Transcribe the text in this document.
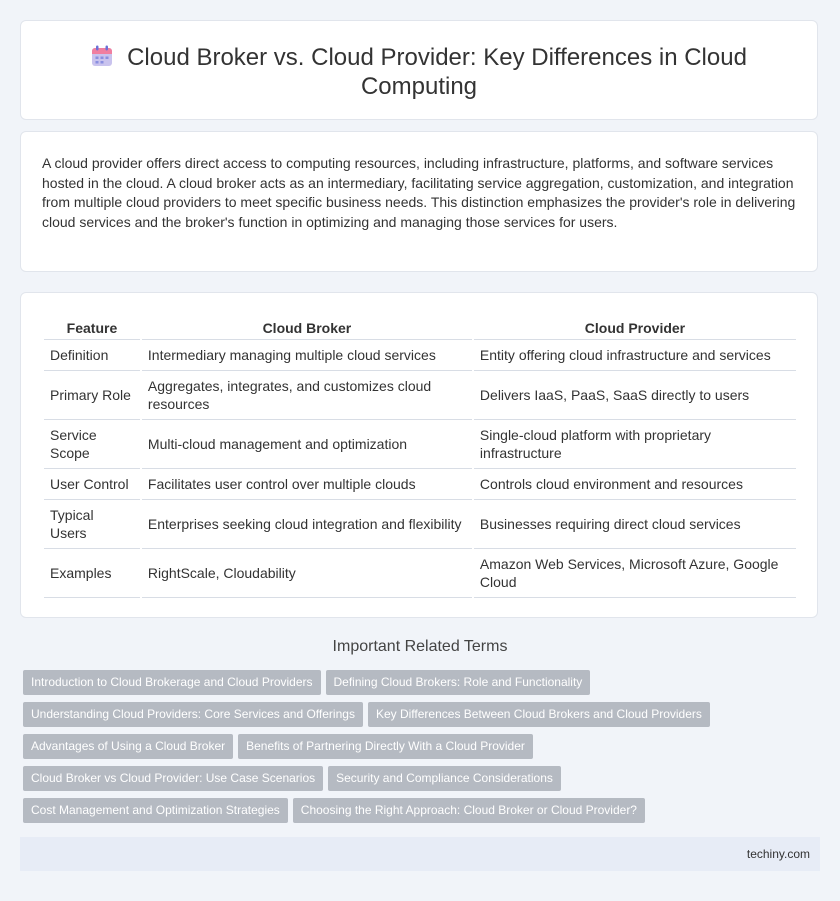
Cloud Broker vs. Cloud Provider: Key Differences in Cloud Computing

A cloud provider offers direct access to computing resources, including infrastructure, platforms, and software services hosted in the cloud. A cloud broker acts as an intermediary, facilitating service aggregation, customization, and integration from multiple cloud providers to meet specific business needs. This distinction emphasizes the provider's role in delivering cloud services and the broker's function in optimizing and managing those services for users.

Feature	Cloud Broker	Cloud Provider
Definition	Intermediary managing multiple cloud services	Entity offering cloud infrastructure and services
Primary Role	Aggregates, integrates, and customizes cloud resources	Delivers IaaS, PaaS, SaaS directly to users
Service Scope	Multi-cloud management and optimization	Single-cloud platform with proprietary infrastructure
User Control	Facilitates user control over multiple clouds	Controls cloud environment and resources
Typical Users	Enterprises seeking cloud integration and flexibility	Businesses requiring direct cloud services
Examples	RightScale, Cloudability	Amazon Web Services, Microsoft Azure, Google Cloud
Important Related Terms
Introduction to Cloud Brokerage and Cloud Providers Defining Cloud Brokers: Role and Functionality
Understanding Cloud Providers: Core Services and Offerings Key Differences Between Cloud Brokers and Cloud Providers
Advantages of Using a Cloud Broker Benefits of Partnering Directly With a Cloud Provider
Cloud Broker vs Cloud Provider: Use Case Scenarios Security and Compliance Considerations
Cost Management and Optimization Strategies Choosing the Right Approach: Cloud Broker or Cloud Provider?
techiny.com
